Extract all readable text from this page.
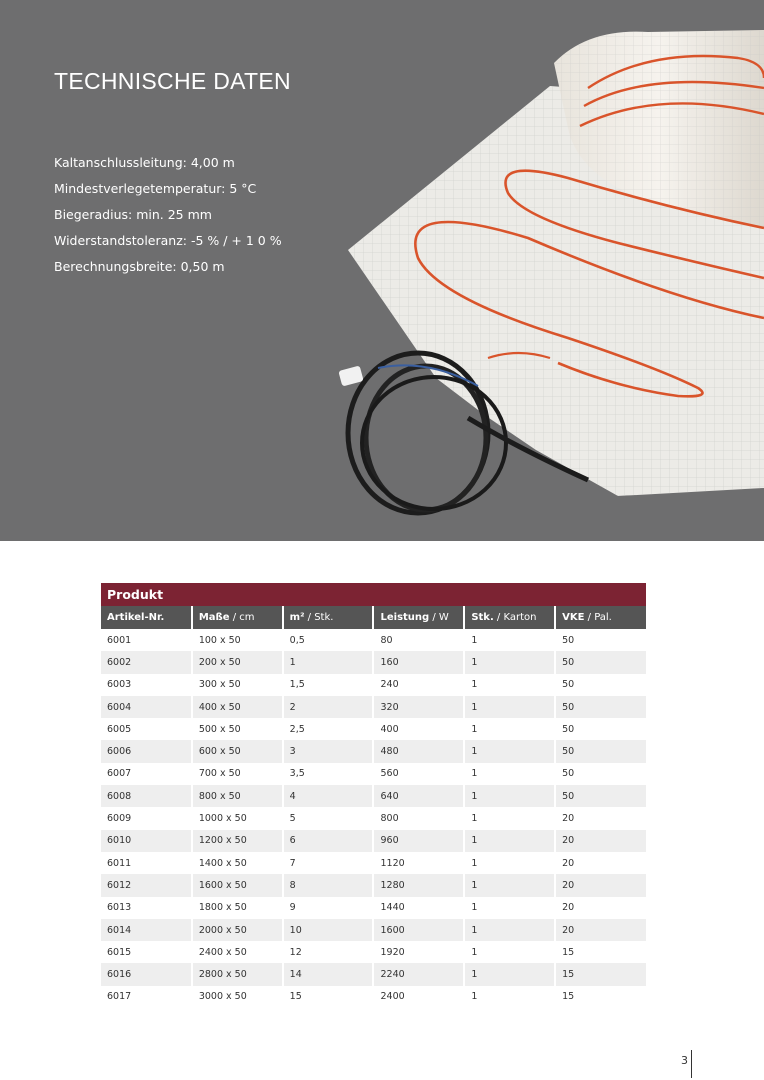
TECHNISCHE DATEN
Kaltanschlussleitung: 4,00 m
Mindestverlegetemperatur: 5 °C
Biegeradius: min. 25 mm
Widerstandstoleranz: -5 % / + 1 0 %
Berechnungsbreite: 0,50 m
Produkt					
Artikel-Nr.	Maße / cm	m² / Stk.	Leistung / W	Stk. / Karton	VKE / Pal.
6001	100 x 50	0,5	80	1	50
6002	200 x 50	1	160	1	50
6003	300 x 50	1,5	240	1	50
6004	400 x 50	2	320	1	50
6005	500 x 50	2,5	400	1	50
6006	600 x 50	3	480	1	50
6007	700 x 50	3,5	560	1	50
6008	800 x 50	4	640	1	50
6009	1000 x 50	5	800	1	20
6010	1200 x 50	6	960	1	20
6011	1400 x 50	7	1120	1	20
6012	1600 x 50	8	1280	1	20
6013	1800 x 50	9	1440	1	20
6014	2000 x 50	10	1600	1	20
6015	2400 x 50	12	1920	1	15
6016	2800 x 50	14	2240	1	15
6017	3000 x 50	15	2400	1	15
3
